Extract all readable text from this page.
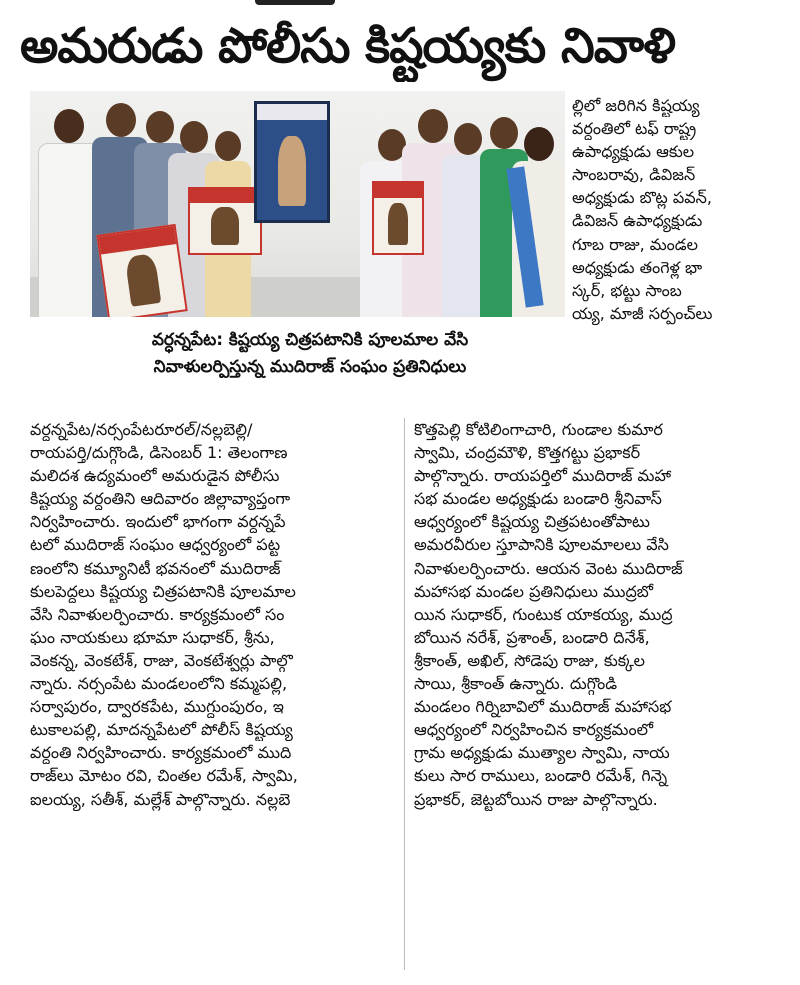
అమరుడు పోలీసు కిష్టయ్యకు నివాళి
వర్ధన్నపేట: కిష్టయ్య చిత్రపటానికి పూలమాల వేసి
నివాళులర్పిస్తున్న ముదిరాజ్ సంఘం ప్రతినిధులు
ల్లిలో జరిగిన కిష్టయ్య
వర్ధంతిలో టఫ్ రాష్ట్ర
ఉపాధ్యక్షుడు ఆకుల
సాంబరావు, డివిజన్
అధ్యక్షుడు బొట్ల పవన్,
డివిజన్ ఉపాధ్యక్షుడు
గూబ రాజు, మండల
అధ్యక్షుడు తంగెళ్ల భా
స్కర్, భట్టు సాంబ
య్య, మాజీ సర్పంచ్‌లు
వర్ధన్నపేట/నర్సంపేటరూరల్/నల్లబెల్లి/
రాయపర్తి/దుగ్గొండి, డిసెంబర్ 1: తెలంగాణ
మలిదశ ఉద్యమంలో అమరుడైన పోలీసు
కిష్టయ్య వర్ధంతిని ఆదివారం జిల్లావ్యాప్తంగా
నిర్వహించారు. ఇందులో భాగంగా వర్ధన్నపే
టలో ముదిరాజ్ సంఘం ఆధ్వర్యంలో పట్ట
ణంలోని కమ్యూనిటీ భవనంలో ముదిరాజ్
కులపెద్దలు కిష్టయ్య చిత్రపటానికి పూలమాల
వేసి నివాళులర్పించారు. కార్యక్రమంలో సం
ఘం నాయకులు భూమా సుధాకర్, శ్రీను,
వెంకన్న, వెంకటేశ్, రాజు, వెంకటేశ్వర్లు పాల్గొ
న్నారు. నర్సంపేట మండలంలోని కమ్మపల్లి,
సర్వాపురం, ద్వారకపేట, ముగ్దుంపురం, ఇ
టుకాలపల్లి, మాదన్నపేటలో పోలీస్ కిష్టయ్య
వర్ధంతి నిర్వహించారు. కార్యక్రమంలో ముది
రాజ్‌లు మోటం రవి, చింతల రమేశ్, స్వామి,
ఐలయ్య, సతీశ్, మల్లేశ్ పాల్గొన్నారు. నల్లబె
కొత్తపెల్లి కోటిలింగాచారి, గుండాల కుమార
స్వామి, చంద్రమౌళి, కొత్తగట్టు ప్రభాకర్
పాల్గొన్నారు. రాయపర్తిలో ముదిరాజ్ మహా
సభ మండల అధ్యక్షుడు బండారి శ్రీనివాస్
ఆధ్వర్యంలో కిష్టయ్య చిత్రపటంతోపాటు
అమరవీరుల స్తూపానికి పూలమాలలు వేసి
నివాళులర్పించారు. ఆయన వెంట ముదిరాజ్
మహాసభ మండల ప్రతినిధులు ముద్రబో
యిన సుధాకర్, గుంటుక యాకయ్య, ముద్ర
బోయిన నరేశ్, ప్రశాంత్, బండారి దినేశ్,
శ్రీకాంత్, అఖిల్, సోడెపు రాజు, కుక్కల
సాయి, శ్రీకాంత్ ఉన్నారు. దుగ్గొండి
మండలం గిర్నిబావిలో ముదిరాజ్ మహాసభ
ఆధ్వర్యంలో నిర్వహించిన కార్యక్రమంలో
గ్రామ అధ్యక్షుడు ముత్యాల స్వామి, నాయ
కులు సార రాములు, బండారి రమేశ్, గిన్నె
ప్రభాకర్, జెట్టబోయిన రాజు పాల్గొన్నారు.
